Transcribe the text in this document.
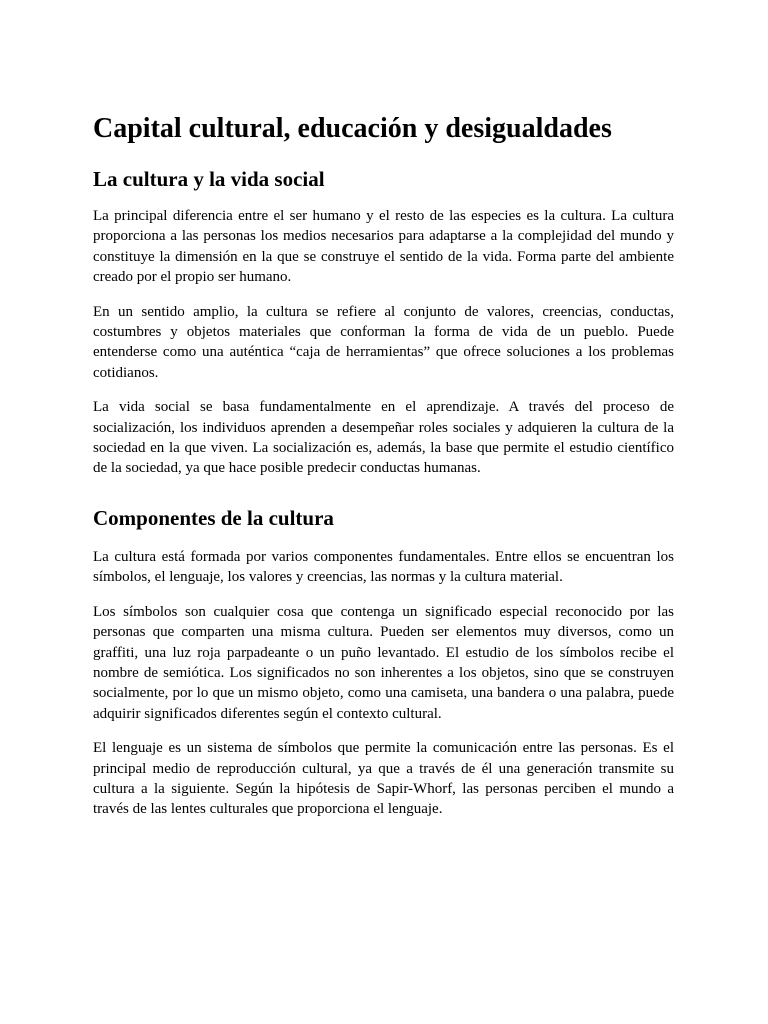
Capital cultural, educación y desigualdades
La cultura y la vida social

La principal diferencia entre el ser humano y el resto de las especies es la cultura. La cultura proporciona a las personas los medios necesarios para adaptarse a la complejidad del mundo y constituye la dimensión en la que se construye el sentido de la vida. Forma parte del ambiente creado por el propio ser humano.

En un sentido amplio, la cultura se refiere al conjunto de valores, creencias, conductas, costumbres y objetos materiales que conforman la forma de vida de un pueblo. Puede entenderse como una auténtica “caja de herramientas” que ofrece soluciones a los problemas cotidianos.

La vida social se basa fundamentalmente en el aprendizaje. A través del proceso de socialización, los individuos aprenden a desempeñar roles sociales y adquieren la cultura de la sociedad en la que viven. La socialización es, además, la base que permite el estudio científico de la sociedad, ya que hace posible predecir conductas humanas.

Componentes de la cultura

La cultura está formada por varios componentes fundamentales. Entre ellos se encuentran los símbolos, el lenguaje, los valores y creencias, las normas y la cultura material.

Los símbolos son cualquier cosa que contenga un significado especial reconocido por las personas que comparten una misma cultura. Pueden ser elementos muy diversos, como un graffiti, una luz roja parpadeante o un puño levantado. El estudio de los símbolos recibe el nombre de semiótica. Los significados no son inherentes a los objetos, sino que se construyen socialmente, por lo que un mismo objeto, como una camiseta, una bandera o una palabra, puede adquirir significados diferentes según el contexto cultural.

El lenguaje es un sistema de símbolos que permite la comunicación entre las personas. Es el principal medio de reproducción cultural, ya que a través de él una generación transmite su cultura a la siguiente. Según la hipótesis de Sapir-Whorf, las personas perciben el mundo a través de las lentes culturales que proporciona el lenguaje.
